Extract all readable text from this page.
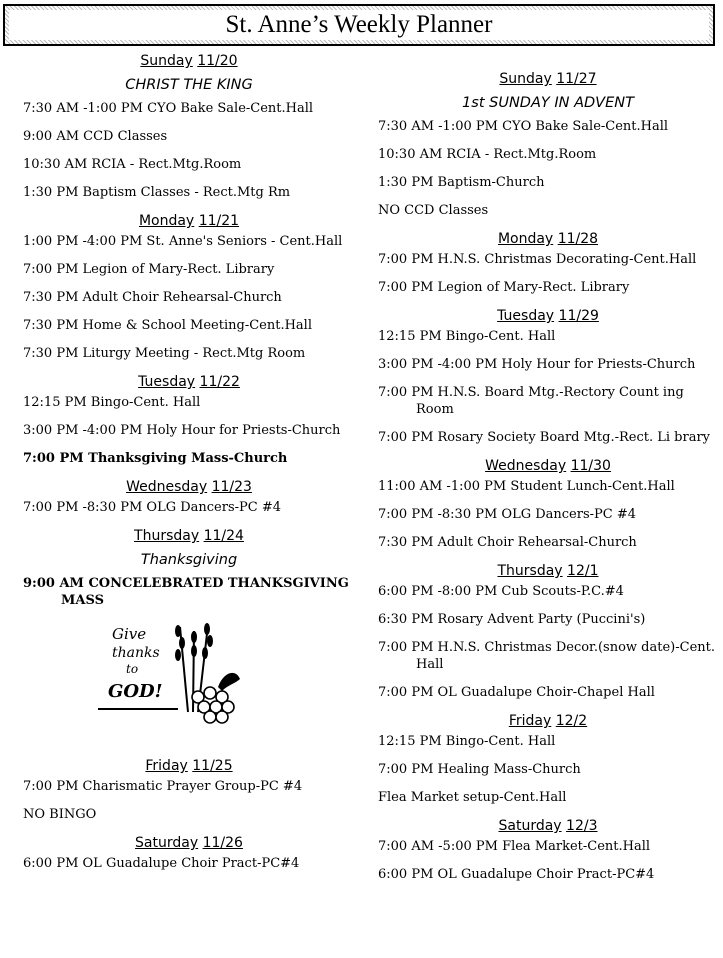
St. Anne’s Weekly Planner
Sunday 11/20
CHRIST THE KING
7:30 AM -1:00 PM CYO Bake Sale-Cent.Hall
9:00 AM CCD Classes
10:30 AM RCIA - Rect.Mtg.Room
1:30 PM Baptism Classes - Rect.Mtg Rm
Monday 11/21
1:00 PM -4:00 PM St. Anne's Seniors - Cent.Hall
7:00 PM Legion of Mary-Rect. Library
7:30 PM Adult Choir Rehearsal-Church
7:30 PM Home & School Meeting-Cent.Hall
7:30 PM Liturgy Meeting - Rect.Mtg Room
Tuesday 11/22
12:15 PM Bingo-Cent. Hall
3:00 PM -4:00 PM Holy Hour for Priests-Church
7:00 PM Thanksgiving Mass-Church
Wednesday 11/23
7:00 PM -8:30 PM OLG Dancers-PC #4
Thursday 11/24
Thanksgiving
9:00 AM CONCELEBRATED THANKSGIVING MASS
Give
thanks
to
GOD!
Friday 11/25
7:00 PM Charismatic Prayer Group-PC #4
NO BINGO
Saturday 11/26
6:00 PM OL Guadalupe Choir Pract-PC#4
Sunday 11/27
1st SUNDAY IN ADVENT
7:30 AM -1:00 PM CYO Bake Sale-Cent.Hall
10:30 AM RCIA - Rect.Mtg.Room
1:30 PM Baptism-Church
NO CCD Classes
Monday 11/28
7:00 PM H.N.S. Christmas Decorating-Cent.Hall
7:00 PM Legion of Mary-Rect. Library
Tuesday 11/29
12:15 PM Bingo-Cent. Hall
3:00 PM -4:00 PM Holy Hour for Priests-Church
7:00 PM H.N.S. Board Mtg.-Rectory Count ing Room
7:00 PM Rosary Society Board Mtg.-Rect. Li brary
Wednesday 11/30
11:00 AM -1:00 PM Student Lunch-Cent.Hall
7:00 PM -8:30 PM OLG Dancers-PC #4
7:30 PM Adult Choir Rehearsal-Church
Thursday 12/1
6:00 PM -8:00 PM Cub Scouts-P.C.#4
6:30 PM Rosary Advent Party (Puccini's)
7:00 PM H.N.S. Christmas Decor.(snow date)-Cent. Hall
7:00 PM OL Guadalupe Choir-Chapel Hall
Friday 12/2
12:15 PM Bingo-Cent. Hall
7:00 PM Healing Mass-Church
Flea Market setup-Cent.Hall
Saturday 12/3
7:00 AM -5:00 PM Flea Market-Cent.Hall
6:00 PM OL Guadalupe Choir Pract-PC#4
